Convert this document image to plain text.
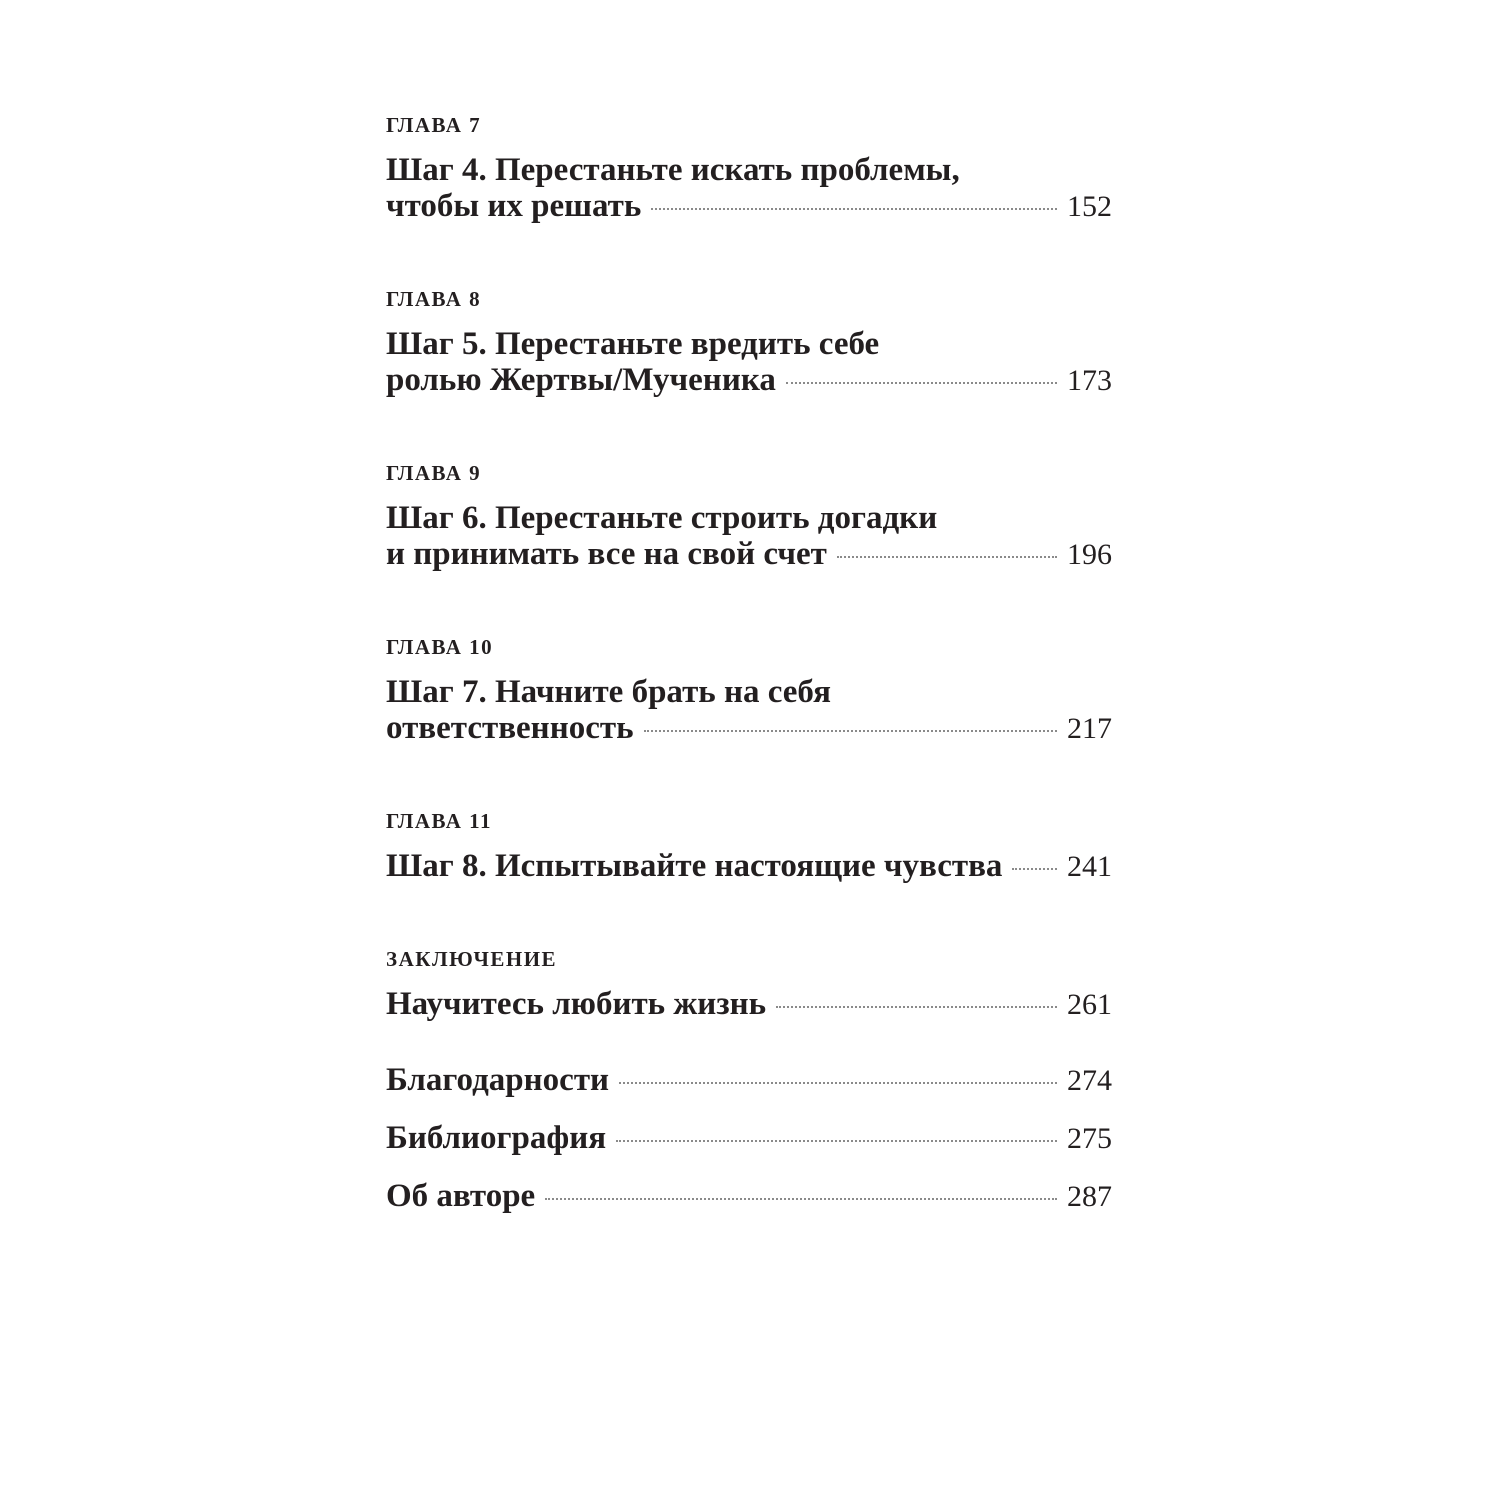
ГЛАВА 7
Шаг 4. Перестаньте искать проблемы,
чтобы их решать	152
ГЛАВА 8
Шаг 5. Перестаньте вредить себе
ролью Жертвы/Мученика	173
ГЛАВА 9
Шаг 6. Перестаньте строить догадки
и принимать все на свой счет	196
ГЛАВА 10
Шаг 7. Начните брать на себя
ответственность	217
ГЛАВА 11
Шаг 8. Испытывайте настоящие чувства 241
ЗАКЛЮЧЕНИЕ
Научитесь любить жизнь	261
Благодарности	274
Библиография	275
Об авторе	287
